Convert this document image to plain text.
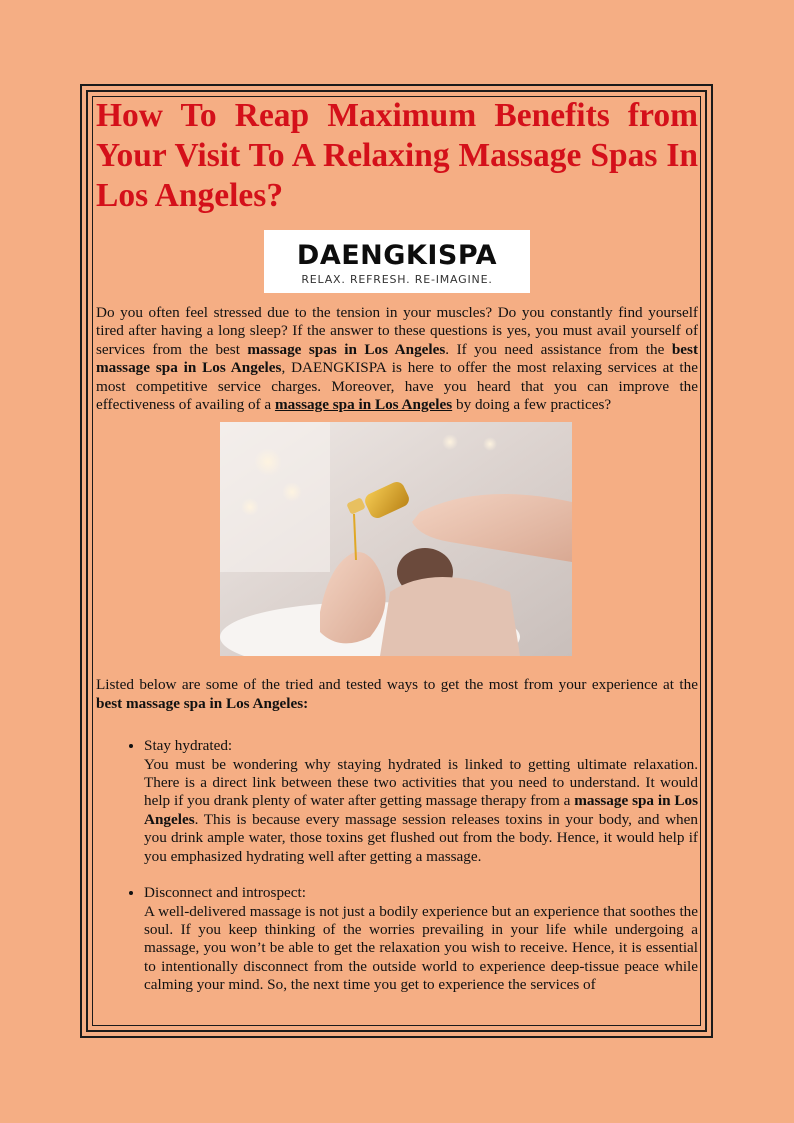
How To Reap Maximum Benefits from Your Visit To A Relaxing Massage Spas In Los Angeles?
DAENGKISPA
RELAX. REFRESH. RE-IMAGINE.

Do you often feel stressed due to the tension in your muscles? Do you constantly find yourself tired after having a long sleep? If the answer to these questions is yes, you must avail yourself of services from the best massage spas in Los Angeles. If you need assistance from the best massage spa in Los Angeles, DAENGKISPA is here to offer the most relaxing services at the most competitive service charges. Moreover, have you heard that you can improve the effectiveness of availing of a massage spa in Los Angeles by doing a few practices?

Listed below are some of the tried and tested ways to get the most from your experience at the best massage spa in Los Angeles:

• Stay hydrated:
You must be wondering why staying hydrated is linked to getting ultimate relaxation. There is a direct link between these two activities that you need to understand. It would help if you drank plenty of water after getting massage therapy from a massage spa in Los Angeles. This is because every massage session releases toxins in your body, and when you drink ample water, those toxins get flushed out from the body. Hence, it would help if you emphasized hydrating well after getting a massage.
• Disconnect and introspect:
A well-delivered massage is not just a bodily experience but an experience that soothes the soul. If you keep thinking of the worries prevailing in your life while undergoing a massage, you won’t be able to get the relaxation you wish to receive. Hence, it is essential to intentionally disconnect from the outside world to experience deep-tissue peace while calming your mind. So, the next time you get to experience the services of
